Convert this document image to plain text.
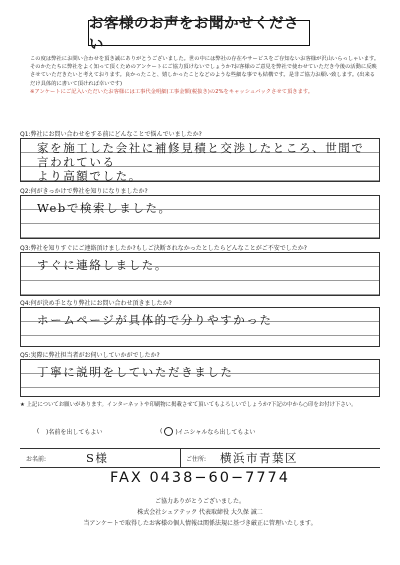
お客様のお声をお聞かせください
この度は弊社にお問い合わせを頂き誠にありがとうございました。世の中には弊社の存在やサービスをご存知ないお客様が沢山いらっしゃいます。そのかたたちに弊社をよく知って頂くためのアンケートにご協力頂けないでしょうか?お客様のご意見を弊社で使わせていただき今後の活動に反映させていただきたいと考えております。良かったこと、嬉しかったことなどのような些細な事でも結構です。是非ご協力お願い致します。(出来るだけ具体的に書いて頂ければ幸いです)
※アンケートにご記入いただいたお客様には工事代金明細(工事金額(税抜き)の2%をキャッシュバックさせて頂きます。
Q1:弊社にお問い合わせをする前にどんなことで悩んでいましたか?
家を施工した会社に補修見積と交渉したところ、世間で言われている
より高額でした。
Q2:何がきっかけで弊社を知りになりましたか?
Webで検索しました。
Q3:弊社を知りすぐにご連絡頂けましたか?もしご決断されなかったとしたらどんなことがご不安でしたか?
すぐに連絡しました。
Q4:何が決め手となり弊社にお問い合わせ頂きましたか?
ホームページが具体的で分りやすかった
Q5:実際に弊社担当者がお伺いしていかがでしたか?
丁寧に説明をしていただきました
★ 上記についてお願いがあります。インターネットや印刷物に掲載させて頂いてもよろしいでしょうか?下記の中から○印をお付け下さい。
(	)名前を出してもよい	( )イニシャルなら出してもよい
お名前:	S様	ご住所: 横浜市青葉区
FAX 0438−60−7774
ご協力ありがとうございました。
株式会社シェアテック 代表取締役 大久保 誠二
当アンケートで取得したお客様の個人情報は関係法規に基づき厳正に管理いたします。
